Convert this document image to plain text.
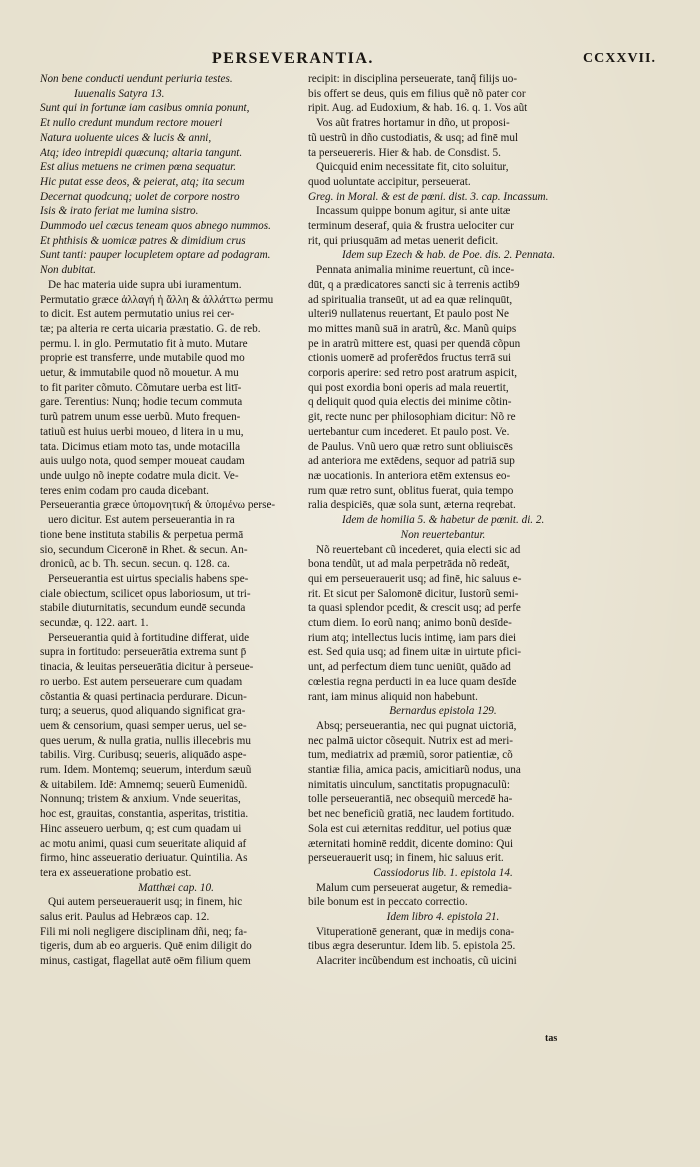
PERSEVERANTIA.	CCXXVII.
Non bene conducti uendunt periuria testes.
Iuuenalis Satyra 13.
Sunt qui in fortunæ iam casibus omnia ponunt,
Et nullo credunt mundum rectore moueri
Natura uoluente uices & lucis & anni,
Atq; ideo intrepidi quæcunq; altaria tangunt.
Est alius metuens ne crimen pœna sequatur.
Hic putat esse deos, & peierat, atq; ita secum
Decernat quodcunq; uolet de corpore nostro
Isis & irato feriat me lumina sistro.
Dummodo uel cæcus teneam quos abnego nummos.
Et phthisis & uomicæ patres & dimidium crus
Sunt tanti: pauper locupletem optare ad podagram.
Non dubitat.
De hac materia uide supra ubi iuramentum.
Permutatio græce ἀλλαγή ἡ ἄλλη & ἀλλάττω permu
to dicit. Est autem permutatio unius rei cer-
tæ; pa alteria re certa uicaria præstatio. G. de reb.
permu. l. in glo. Permutatio fit à muto. Mutare
proprie est transferre, unde mutabile quod mo
uetur, & immutabile quod nõ mouetur. A mu
to fit pariter cõmuto. Cõmutare uerba est litī-
gare. Terentius: Nunq; hodie tecum commuta
turũ patrem unum esse uerbũ. Muto frequen-
tatiuũ est huius uerbi moueo, d litera in u mu,
tata. Dicimus etiam moto tas, unde motacilla
auis uulgo nota, quod semper moueat caudam
unde uulgo nõ inepte codatre mula dicit. Ve-
teres enim codam pro cauda dicebant.
Perseuerantia græce ὑπομονητική & ὑπομένω perse-
uero dicitur. Est autem perseuerantia in ra
tione bene instituta stabilis & perpetua permā
sio, secundum Ciceronē in Rhet. & secun. An-
dronicũ, ac b. Th. secun. secun. q. 128. ca.
Perseuerantia est uirtus specialis habens spe-
ciale obiectum, scilicet opus laboriosum, ut tri-
stabile diuturnitatis, secundum eundē secunda
secundæ, q. 122. aart. 1.
Perseuerantia quid à fortitudine differat, uide
supra in fortitudo: perseuerātia extrema sunt p̄
tinacia, & leuitas perseuerātia dicitur à perseue-
ro uerbo. Est autem perseuerare cum quadam
cõstantia & quasi pertinacia perdurare. Dicun-
turq; a seuerus, quod aliquando significat gra-
uem & censorium, quasi semper uerus, uel se-
ques uerum, & nulla gratia, nullis illecebris mu
tabilis. Virg. Curibusq; seueris, aliquādo aspe-
rum. Idem. Montemq; seuerum, interdum sæuũ
& uitabilem. Idē: Amnemq; seuerũ Eumenidũ.
Nonnunq; tristem & anxium. Vnde seueritas,
hoc est, grauitas, constantia, asperitas, tristitia.
Hinc asseuero uerbum, q; est cum quadam ui
ac motu animi, quasi cum seueritate aliquid af
firmo, hinc asseueratio deriuatur. Quintilia. As
tera ex asseueratione probatio est.
Matthæi cap. 10.
Qui autem perseuerauerit usq; in finem, hic
salus erit. Paulus ad Hebræos cap. 12.
Fili mi noli negligere disciplinam dñi, neq; fa-
tigeris, dum ab eo argueris. Quē enim diligit do
minus, castigat, flagellat autē oēm filium quem
recipit: in disciplina perseuerate, tanq̃ filijs uo-
bis offert se deus, quis em filius quẽ nõ pater cor
ripit. Aug. ad Eudoxium, & hab. 16. q. 1. Vos aũt
Vos aũt fratres hortamur in dño, ut proposi-
tũ uestrũ in dño custodiatis, & usq; ad finē mul
ta perseuereris. Hier & hab. de Consdist. 5.
Quicquid enim necessitate fit, cito soluitur,
quod uoluntate accipitur, perseuerat.
Greg. in Moral. & est de pœni. dist. 3. cap. Incassum.
Incassum quippe bonum agitur, si ante uitæ
terminum deseraf, quia & frustra uelociter cur
rit, qui priusquām ad metas uenerit deficit.
Idem sup Ezech & hab. de Poe. dis. 2. Pennata.
Pennata animalia minime reuertunt, cũ ince-
dūt, q a prædicatores sancti sic à terrenis actib9
ad spiritualia transeūt, ut ad ea quæ relinquūt,
ulteri9 nullatenus reuertant, Et paulo post Ne
mo mittes manũ suā in aratrũ, &c. Manũ quips
pe in aratrũ mittere est, quasi per quendā cõpun
ctionis uomerē ad proferēdos fructus terrā sui
corporis aperire: sed retro post aratrum aspicit,
qui post exordia boni operis ad mala reuertit,
q deliquit quod quia electis dei minime cõtin-
git, recte nunc per philosophiam dicitur: Nõ re
uertebantur cum incederet. Et paulo post. Ve.
de Paulus. Vnũ uero quæ retro sunt obliuiscēs
ad anteriora me extēdens, sequor ad patriā sup
næ uocationis. In anteriora etēm extensus eo-
rum quæ retro sunt, oblitus fuerat, quia tempo
ralia despiciēs, quæ sola sunt, æterna reqrebat.
Idem de homilia 5. & habetur de pœnit. di. 2.
Non reuertebantur.
Nõ reuertebant cũ incederet, quia electi sic ad
bona tendũt, ut ad mala perpetrāda nõ redeāt,
qui em perseuerauerit usq; ad finē, hic saluus e-
rit. Et sicut per Salomonē dicitur, Iustorũ semi-
ta quasi splendor pcedit, & crescit usq; ad perfe
ctum diem. Io eorũ nanq; animo bonũ desīde-
rium atq; intellectus lucis intimę, iam pars diei
est. Sed quia usq; ad finem uitæ in uirtute pfici-
unt, ad perfectum diem tunc ueniūt, quādo ad
cœlestia regna perducti in ea luce quam desīde
rant, iam minus aliquid non habebunt.
Bernardus epistola 129.
Absq; perseuerantia, nec qui pugnat uictoriā,
nec palmā uictor cõsequit. Nutrix est ad meri-
tum, mediatrix ad præmiũ, soror patientiæ, cõ
stantiæ filia, amica pacis, amicitiarũ nodus, una
nimitatis uinculum, sanctitatis propugnaculũ:
tolle perseuerantiā, nec obsequiũ mercedē ha-
bet nec beneficiũ gratiā, nec laudem fortitudo.
Sola est cui æternitas redditur, uel potius quæ
æternitati hominē reddit, dicente domino: Qui
perseuerauerit usq; in finem, hic saluus erit.
Cassiodorus lib. 1. epistola 14.
Malum cum perseuerat augetur, & remedia-
bile bonum est in peccato correctio.
Idem libro 4. epistola 21.
Vituperationē generant, quæ in medijs cona-
tibus ægra deseruntur. Idem lib. 5. epistola 25.
Alacriter incũbendum est inchoatis, cũ uicini
tas
